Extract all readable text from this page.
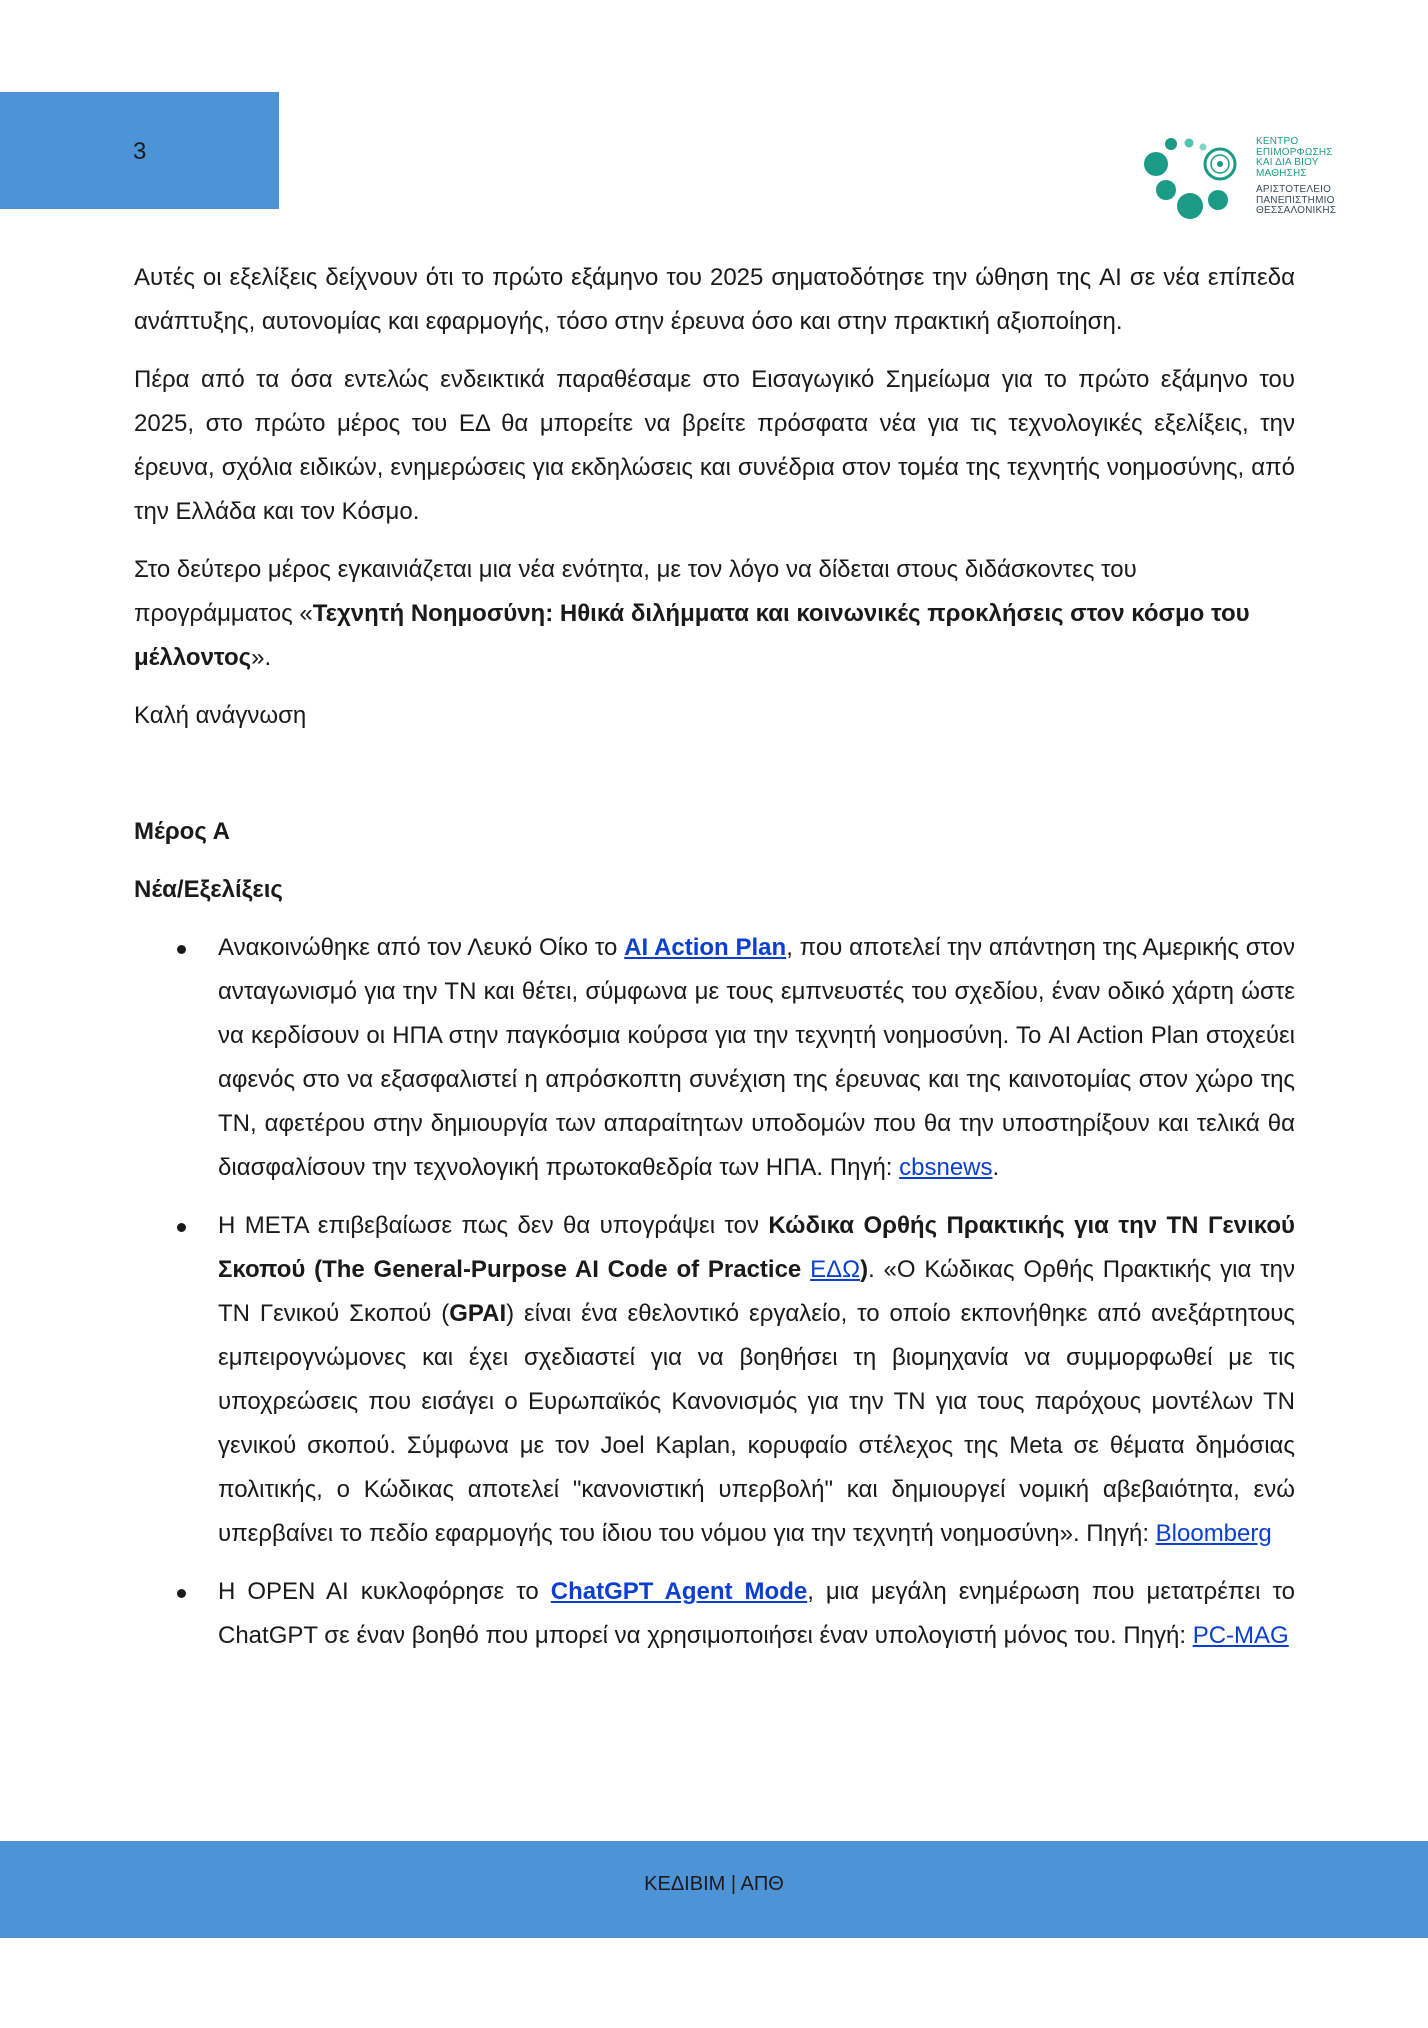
3	ΚΕΝΤΡΟ
ΕΠΙΜΟΡΦΩΣΗΣ
ΚΑΙ ΔΙΑ ΒΙΟΥ
ΜΑΘΗΣΗΣ
ΑΡΙΣΤΟΤΕΛΕΙΟ
ΠΑΝΕΠΙΣΤΗΜΙΟ
ΘΕΣΣΑΛΟΝΙΚΗΣ

Αυτές οι εξελίξεις δείχνουν ότι το πρώτο εξάμηνο του 2025 σηματοδότησε την ώθηση της AI σε νέα επίπεδα ανάπτυξης, αυτονομίας και εφαρμογής, τόσο στην έρευνα όσο και στην πρακτική αξιοποίηση.

Πέρα από τα όσα εντελώς ενδεικτικά παραθέσαμε στο Εισαγωγικό Σημείωμα για το πρώτο εξάμηνο του 2025, στο πρώτο μέρος του ΕΔ θα μπορείτε να βρείτε πρόσφατα νέα για τις τεχνολογικές εξελίξεις, την έρευνα, σχόλια ειδικών, ενημερώσεις για εκδηλώσεις και συνέδρια στον τομέα της τεχνητής νοημοσύνης, από την Ελλάδα και τον Κόσμο.

Στο δεύτερο μέρος εγκαινιάζεται μια νέα ενότητα, με τον λόγο να δίδεται στους διδάσκοντες του προγράμματος «Τεχνητή Νοημοσύνη: Ηθικά διλήμματα και κοινωνικές προκλήσεις στον κόσμο του μέλλοντος».

Καλή ανάγνωση

Μέρος Α
Νέα/Εξελίξεις
Ανακοινώθηκε από τον Λευκό Οίκο το AI Action Plan, που αποτελεί την απάντηση της Αμερικής στον ανταγωνισμό για την ΤΝ και θέτει, σύμφωνα με τους εμπνευστές του σχεδίου, έναν οδικό χάρτη ώστε να κερδίσουν οι ΗΠΑ στην παγκόσμια κούρσα για την τεχνητή νοημοσύνη. Το AI Action Plan στοχεύει αφενός στο να εξασφαλιστεί η απρόσκοπτη συνέχιση της έρευνας και της καινοτομίας στον χώρο της ΤΝ, αφετέρου στην δημιουργία των απαραίτητων υποδομών που θα την υποστηρίξουν και τελικά θα διασφαλίσουν την τεχνολογική πρωτοκαθεδρία των ΗΠΑ. Πηγή: cbsnews.
Η META επιβεβαίωσε πως δεν θα υπογράψει τον Κώδικα Ορθής Πρακτικής για την ΤΝ Γενικού Σκοπού (The General-Purpose AI Code of Practice ΕΔΩ). «Ο Κώδικας Ορθής Πρακτικής για την ΤΝ Γενικού Σκοπού (GPAI) είναι ένα εθελοντικό εργαλείο, το οποίο εκπονήθηκε από ανεξάρτητους εμπειρογνώμονες και έχει σχεδιαστεί για να βοηθήσει τη βιομηχανία να συμμορφωθεί με τις υποχρεώσεις που εισάγει ο Ευρωπαϊκός Κανονισμός για την ΤΝ για τους παρόχους μοντέλων ΤΝ γενικού σκοπού. Σύμφωνα με τον Joel Kaplan, κορυφαίο στέλεχος της Meta σε θέματα δημόσιας πολιτικής, ο Κώδικας αποτελεί "κανονιστική υπερβολή" και δημιουργεί νομική αβεβαιότητα, ενώ υπερβαίνει το πεδίο εφαρμογής του ίδιου του νόμου για την τεχνητή νοημοσύνη». Πηγή: Bloomberg
Η OPEN AI κυκλοφόρησε το ChatGPT Agent Mode, μια μεγάλη ενημέρωση που μετατρέπει το ChatGPT σε έναν βοηθό που μπορεί να χρησιμοποιήσει έναν υπολογιστή μόνος του. Πηγή: PC-MAG
ΚΕΔΙΒΙΜ | ΑΠΘ
